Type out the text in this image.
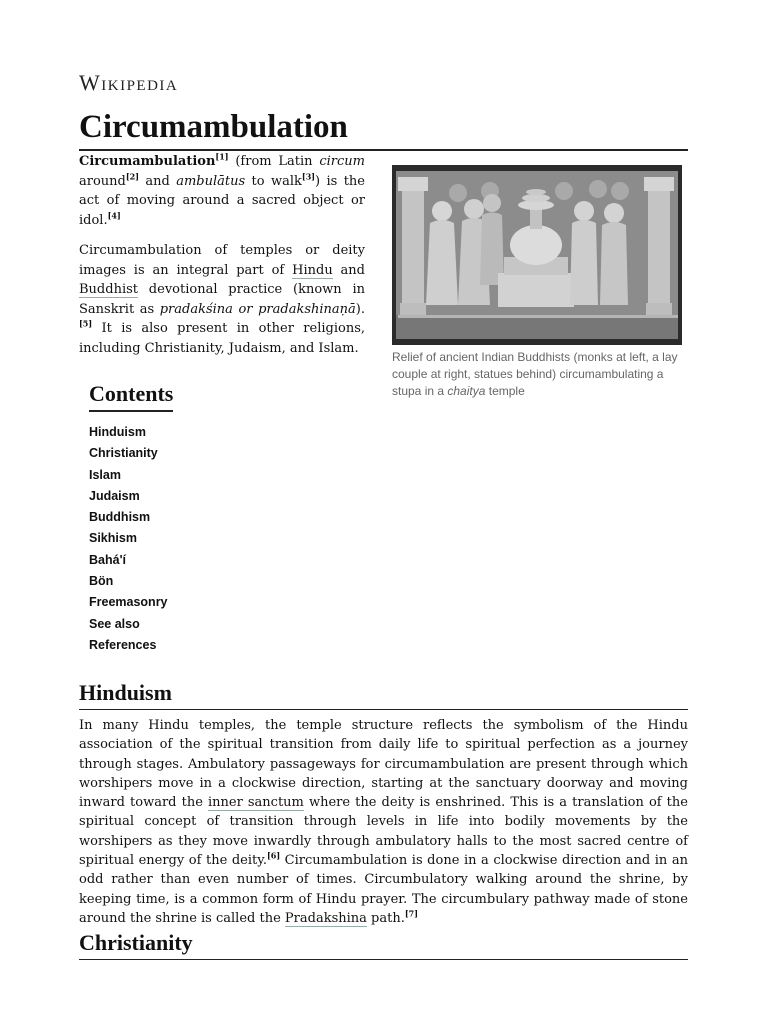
Wikipedia
Circumambulation

Circumambulation[1] (from Latin circum around[2] and ambulātus to walk[3]) is the act of moving around a sacred object or idol.[4]

Circumambulation of temples or deity images is an integral part of Hindu and Buddhist devotional practice (known in Sanskrit as pradakśina or pradakshinaṇā).[5] It is also present in other religions, including Christianity, Judaism, and Islam.

Relief of ancient Indian Buddhists (monks at left, a lay couple at right, statues behind) circumambulating a stupa in a chaitya temple
Contents
Hinduism
Christianity
Islam
Judaism
Buddhism
Sikhism
Bahá'í
Bön
Freemasonry
See also
References
Hinduism

In many Hindu temples, the temple structure reflects the symbolism of the Hindu association of the spiritual transition from daily life to spiritual perfection as a journey through stages. Ambulatory passageways for circumambulation are present through which worshipers move in a clockwise direction, starting at the sanctuary doorway and moving inward toward the inner sanctum where the deity is enshrined. This is a translation of the spiritual concept of transition through levels in life into bodily movements by the worshipers as they move inwardly through ambulatory halls to the most sacred centre of spiritual energy of the deity.[6] Circumambulation is done in a clockwise direction and in an odd rather than even number of times. Circumbulatory walking around the shrine, by keeping time, is a common form of Hindu prayer. The circumbulary pathway made of stone around the shrine is called the Pradakshina path.[7]

Christianity
